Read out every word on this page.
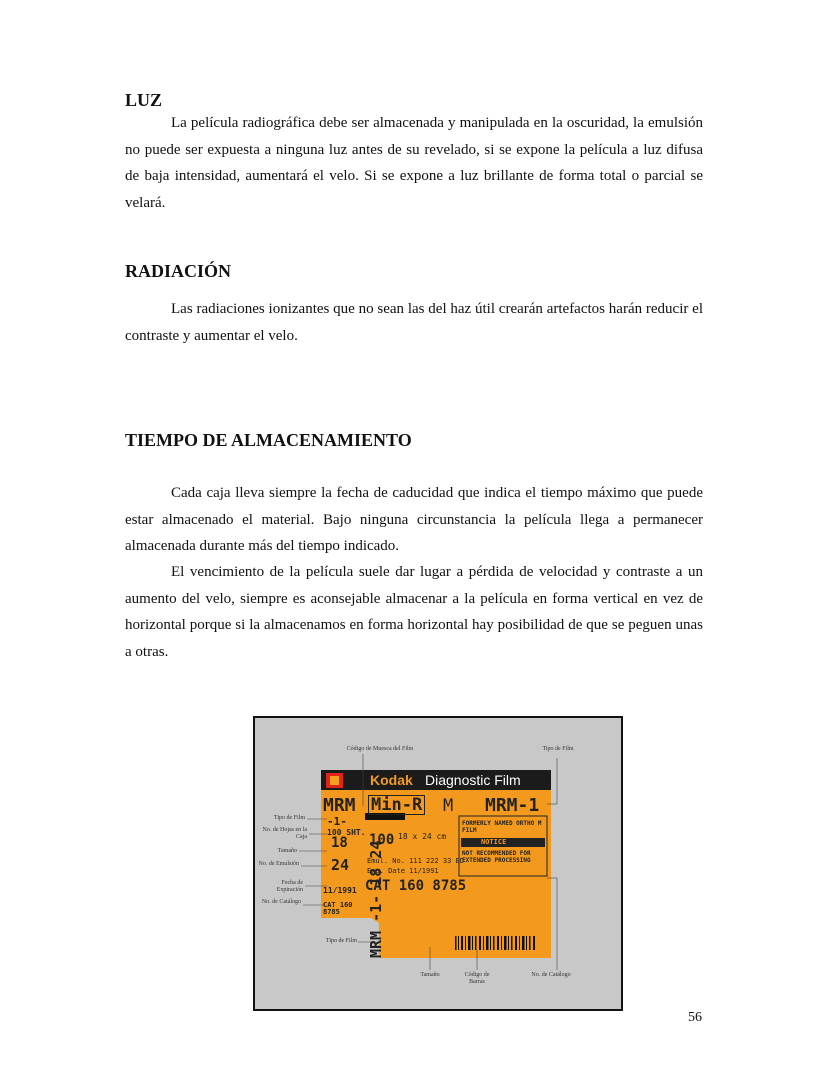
LUZ

La película radiográfica debe ser almacenada y manipulada en la oscuridad, la emulsión no puede ser expuesta a ninguna luz antes de su revelado, si se expone la película a luz difusa de baja intensidad, aumentará el velo. Si se expone a luz brillante de forma total o parcial se velará.

RADIACIÓN

Las radiaciones ionizantes que no sean las del haz útil crearán artefactos harán reducir el contraste y aumentar el velo.

TIEMPO DE ALMACENAMIENTO

Cada caja lleva siempre la fecha de caducidad que indica el tiempo máximo que puede estar almacenado el material. Bajo ninguna circunstancia la película llega a permanecer almacenada durante más del tiempo indicado.

El vencimiento de la película suele dar lugar a pérdida de velocidad y contraste a un aumento del velo, siempre es aconsejable almacenar a la película en forma vertical en vez de horizontal porque si la almacenamos en forma horizontal hay posibilidad de que se peguen unas a otras.

Código de Muesca del Film	Tipo de Film
Tipo de Film
No. de Hojas en la Caja
Tamaño
No. de Emulsión
Fecha de Expiración
No. de Catálogo
Tipo de Film
Tamaño	Código de Barras
No. de Catálogo
Kodak Diagnostic Film
MRM Min-R M MRM-1
-1-
100 SHT.
18 100 18 x 24 cm
24	Emul. No. 111 222 33 ED
Exp. Date 11/1991
11/1991
CAT 160 8785
CAT 160 8785
FORMERLY NAMED ORTHO M FILM
NOTICE
NOT RECOMMENDED FOR EXTENDED PROCESSING
MRM -1- 18 24
56
